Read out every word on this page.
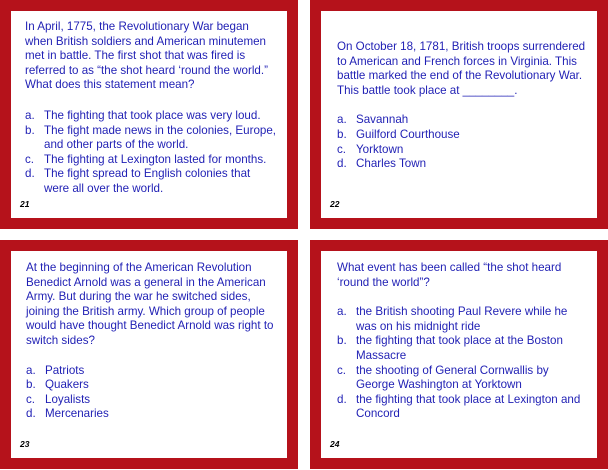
In April, 1775, the Revolutionary War began when British soldiers and American minutemen met in battle. The first shot that was fired is referred to as “the shot heard ‘round the world.” What does this statement mean?

a. The fighting that took place was very loud.
b. The fight made news in the colonies, Europe, and other parts of the world.
c. The fighting at Lexington lasted for months.
d. The fight spread to English colonies that were all over the world.
21

On October 18, 1781, British troops surrendered to American and French forces in Virginia. This battle marked the end of the Revolutionary War. This battle took place at ________.

a. Savannah
b. Guilford Courthouse
c. Yorktown
d. Charles Town
22

At the beginning of the American Revolution Benedict Arnold was a general in the American Army. But during the war he switched sides, joining the British army. Which group of people would have thought Benedict Arnold was right to switch sides?

a. Patriots
b. Quakers
c. Loyalists
d. Mercenaries
23

What event has been called “the shot heard ‘round the world”?

a. the British shooting Paul Revere while he was on his midnight ride
b. the fighting that took place at the Boston Massacre
c. the shooting of General Cornwallis by George Washington at Yorktown
d. the fighting that took place at Lexington and Concord
24
